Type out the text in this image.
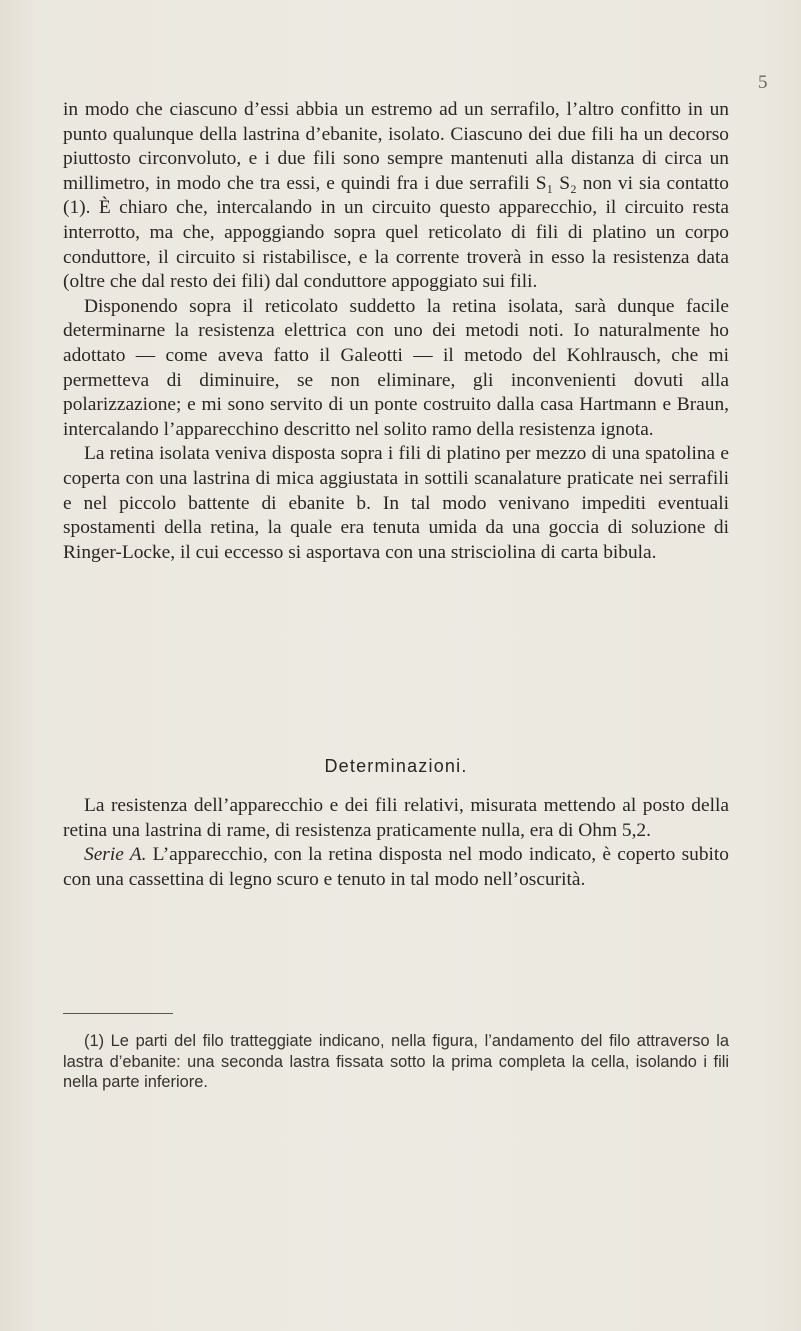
5

in modo che ciascuno d’essi abbia un estremo ad un serrafilo, l’altro confitto in un punto qualunque della lastrina d’ebanite, isolato. Ciascuno dei due fili ha un decorso piuttosto circonvoluto, e i due fili sono sempre mantenuti alla distanza di circa un millimetro, in modo che tra essi, e quindi fra i due serrafili S₁ S₂ non vi sia contatto (1). È chiaro che, intercalando in un circuito questo apparecchio, il circuito resta interrotto, ma che, appoggiando sopra quel reticolato di fili di platino un corpo conduttore, il circuito si ristabilisce, e la corrente troverà in esso la resistenza data (oltre che dal resto dei fili) dal conduttore appoggiato sui fili.

Disponendo sopra il reticolato suddetto la retina isolata, sarà dunque facile determinarne la resistenza elettrica con uno dei metodi noti. Io naturalmente ho adottato — come aveva fatto il Galeotti — il metodo del Kohlrausch, che mi permetteva di diminuire, se non eliminare, gli inconvenienti dovuti alla polarizzazione; e mi sono servito di un ponte costruito dalla casa Hartmann e Braun, intercalando l’apparecchino descritto nel solito ramo della resistenza ignota.

La retina isolata veniva disposta sopra i fili di platino per mezzo di una spatolina e coperta con una lastrina di mica aggiustata in sottili scanalature praticate nei serrafili e nel piccolo battente di ebanite b. In tal modo venivano impediti eventuali spostamenti della retina, la quale era tenuta umida da una goccia di soluzione di Ringer-Locke, il cui eccesso si asportava con una strisciolina di carta bibula.

Determinazioni.

La resistenza dell’apparecchio e dei fili relativi, misurata mettendo al posto della retina una lastrina di rame, di resistenza praticamente nulla, era di Ohm 5,2.

Serie A. L’apparecchio, con la retina disposta nel modo indicato, è coperto subito con una cassettina di legno scuro e tenuto in tal modo nell’oscurità.

(1) Le parti del filo tratteggiate indicano, nella figura, l’andamento del filo attraverso la lastra d’ebanite: una seconda lastra fissata sotto la prima completa la cella, isolando i fili nella parte inferiore.
